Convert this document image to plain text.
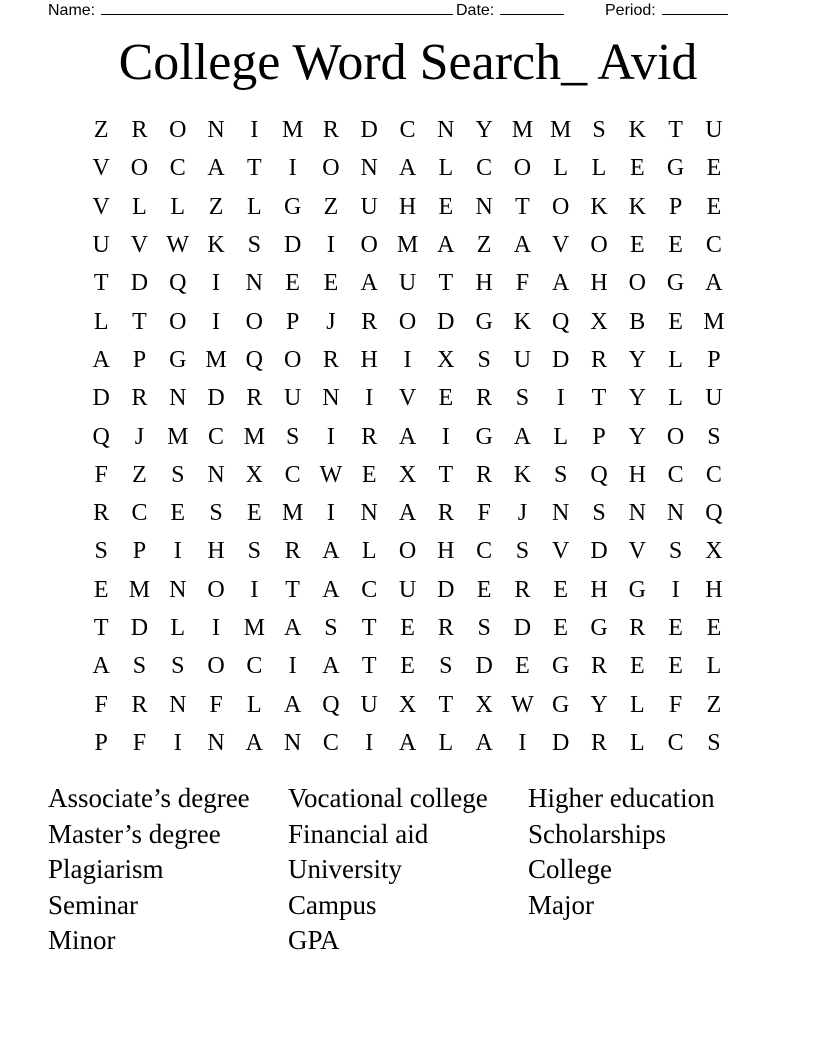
Name:	Date:	Period:
College Word Search_ Avid
Z R O N	I M R D C N Y M M S K T U
V O C A T	I	O N A L C O L L E G E
V L L Z L G Z U H E N T O K K P	E
U V W K S D	I	O M A Z A V O E E C
T D Q	I	N E E A U T H F A H O G A
L T O	I	O P	J	R O D G K Q X B E M
A P G M Q O R H	I	X S U D R Y L	P
D R N D R U N	I	V E R S	I	T Y L U
Q	J M C M S	I	R A	I	G A L	P Y O S
F	Z	S N X C W E X T R K S Q H C C
R C E	S	E M I	N A R F	J	N S N N Q
S	P	I	H S R A L O H C S V D V S X
E M N O	I	T A C U D E R E H G	I	H
T D L	I M A S	T E R S D E G R E E
A S	S O C	I	A T E	S D E G R E E L
F R N F	L A Q U X T X W G Y L	F	Z
P	F	I	N A N C	I	A L A	I	D R L C S
Associate’s degree	Vocational college	Higher education
Master’s degree	Financial aid	Scholarships
Plagiarism	University	College
Seminar	Campus	Major
Minor	GPA
